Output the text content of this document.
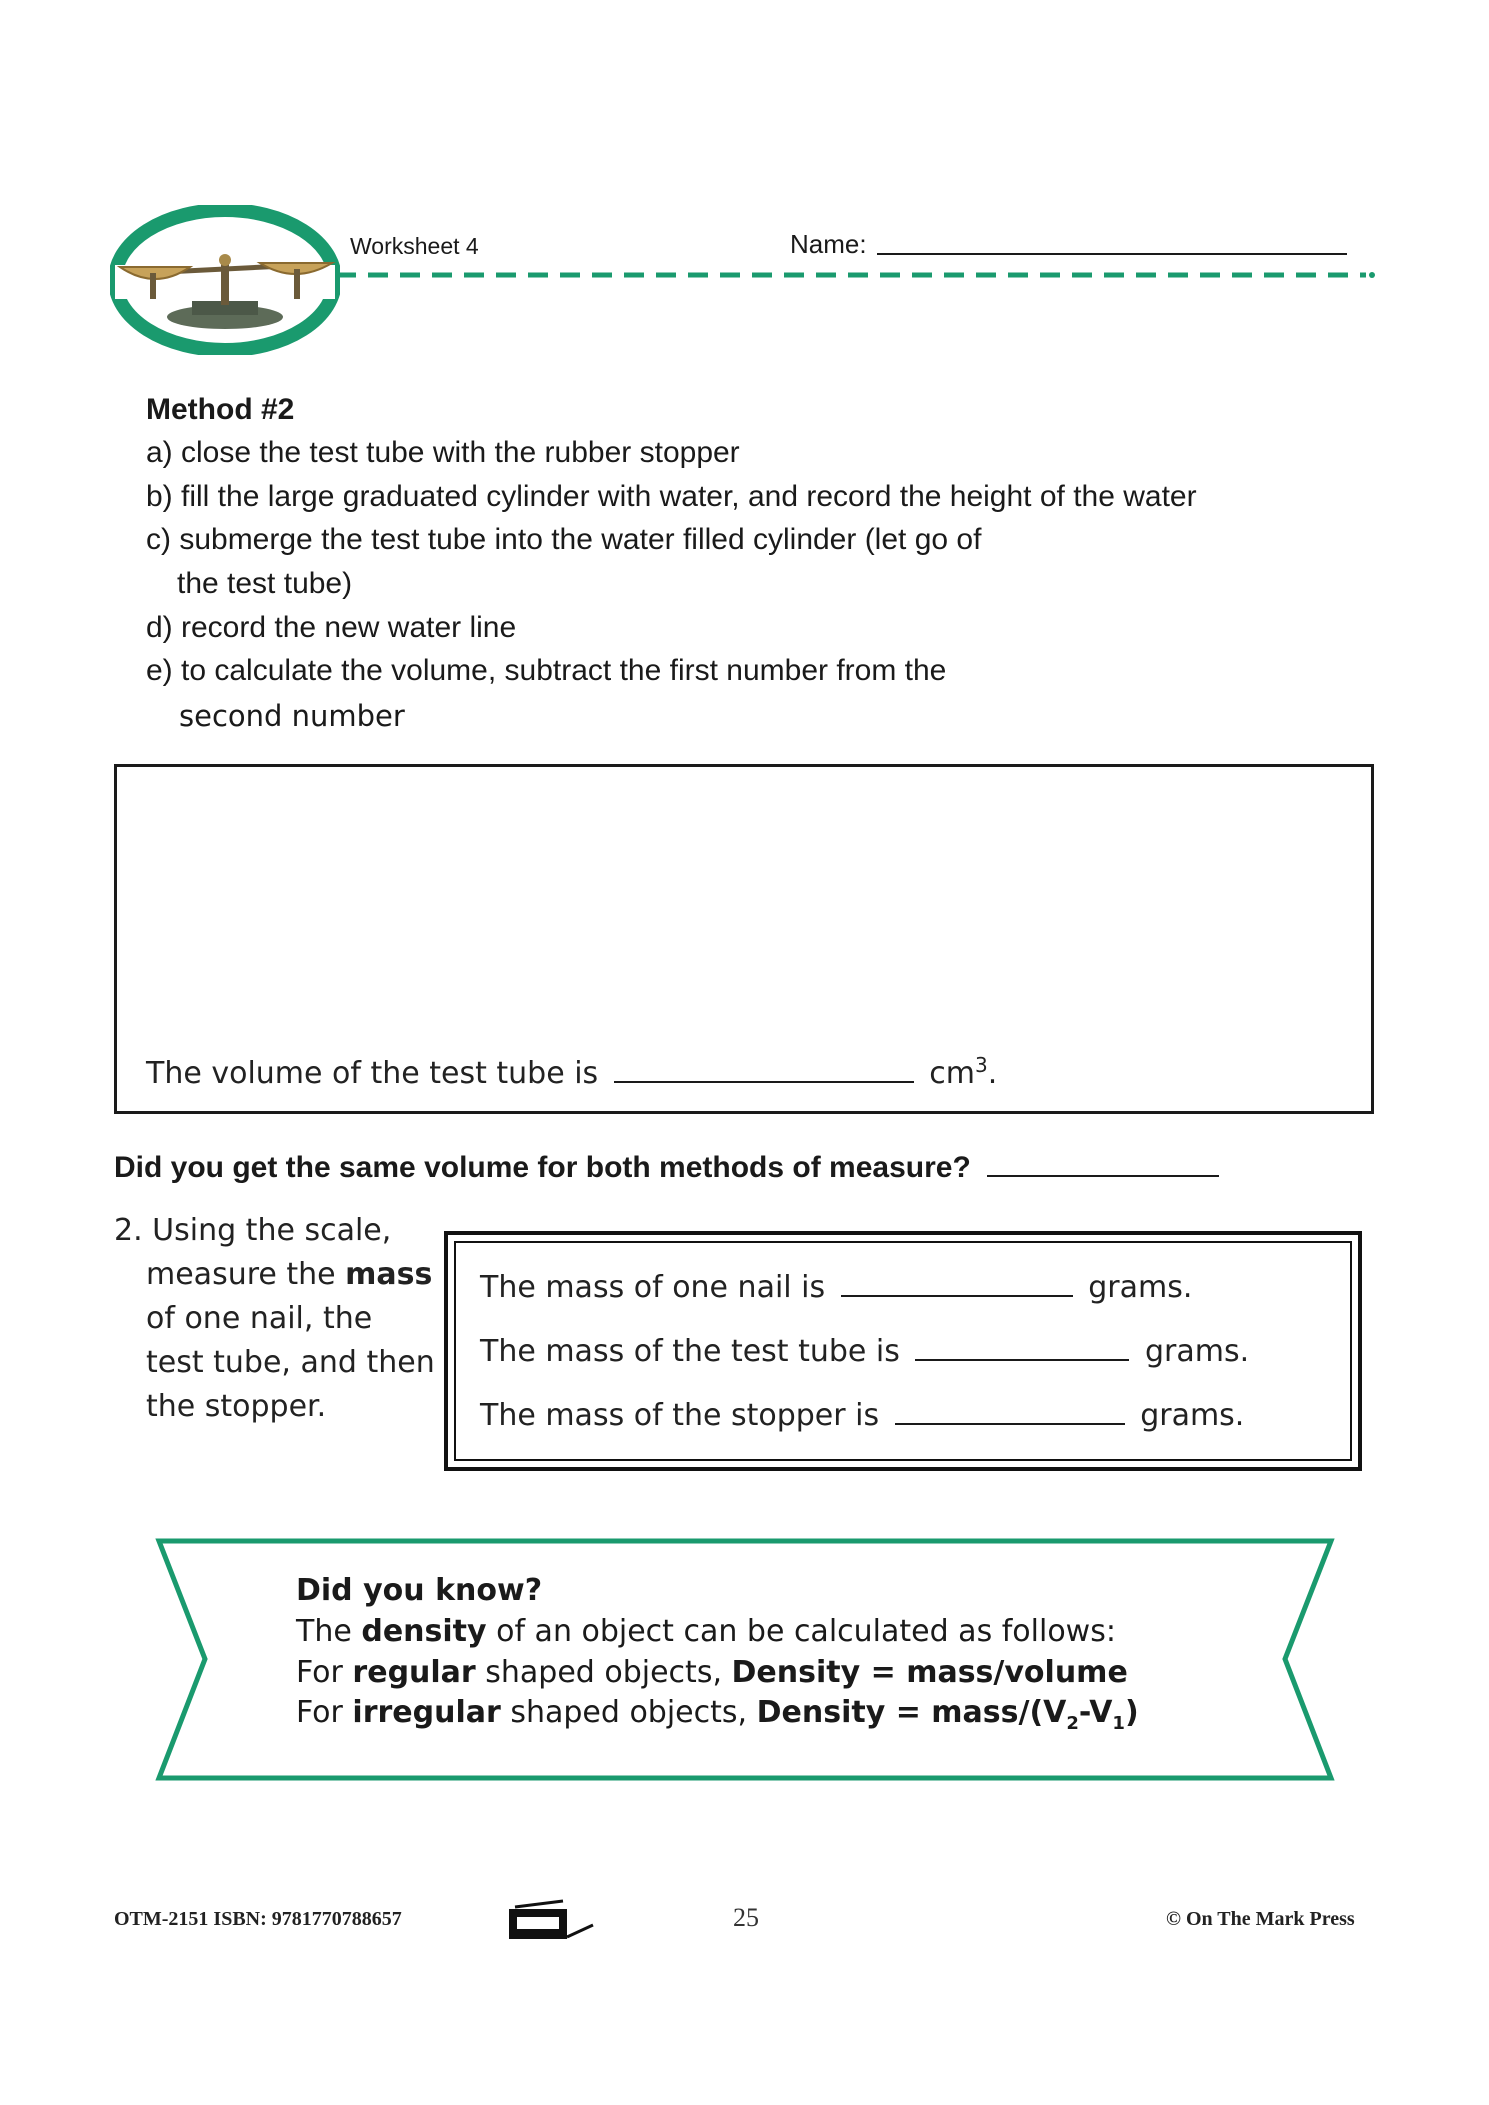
Worksheet 4	Name:
Method #2
a) close the test tube with the rubber stopper
b) fill the large graduated cylinder with water, and record the height of the water
c) submerge the test tube into the water filled cylinder (let go of
the test tube)
d) record the new water line
e) to calculate the volume, subtract the first number from the
second number
The volume of the test tube is	$cm^3$.
Did you get the same volume for both methods of measure?
2. Using the scale,
measure the mass
of one nail, the
test tube, and then
the stopper.
The mass of one nail is	grams.
The mass of the test tube is	grams.
The mass of the stopper is	grams.
Did you know?
The density of an object can be calculated as follows:
For regular shaped objects, Density = mass/volume
For irregular shaped objects, Density = mass/$(V_2-V_1)$
OTM-2151 ISBN: 9781770788657	25	© On The Mark Press
